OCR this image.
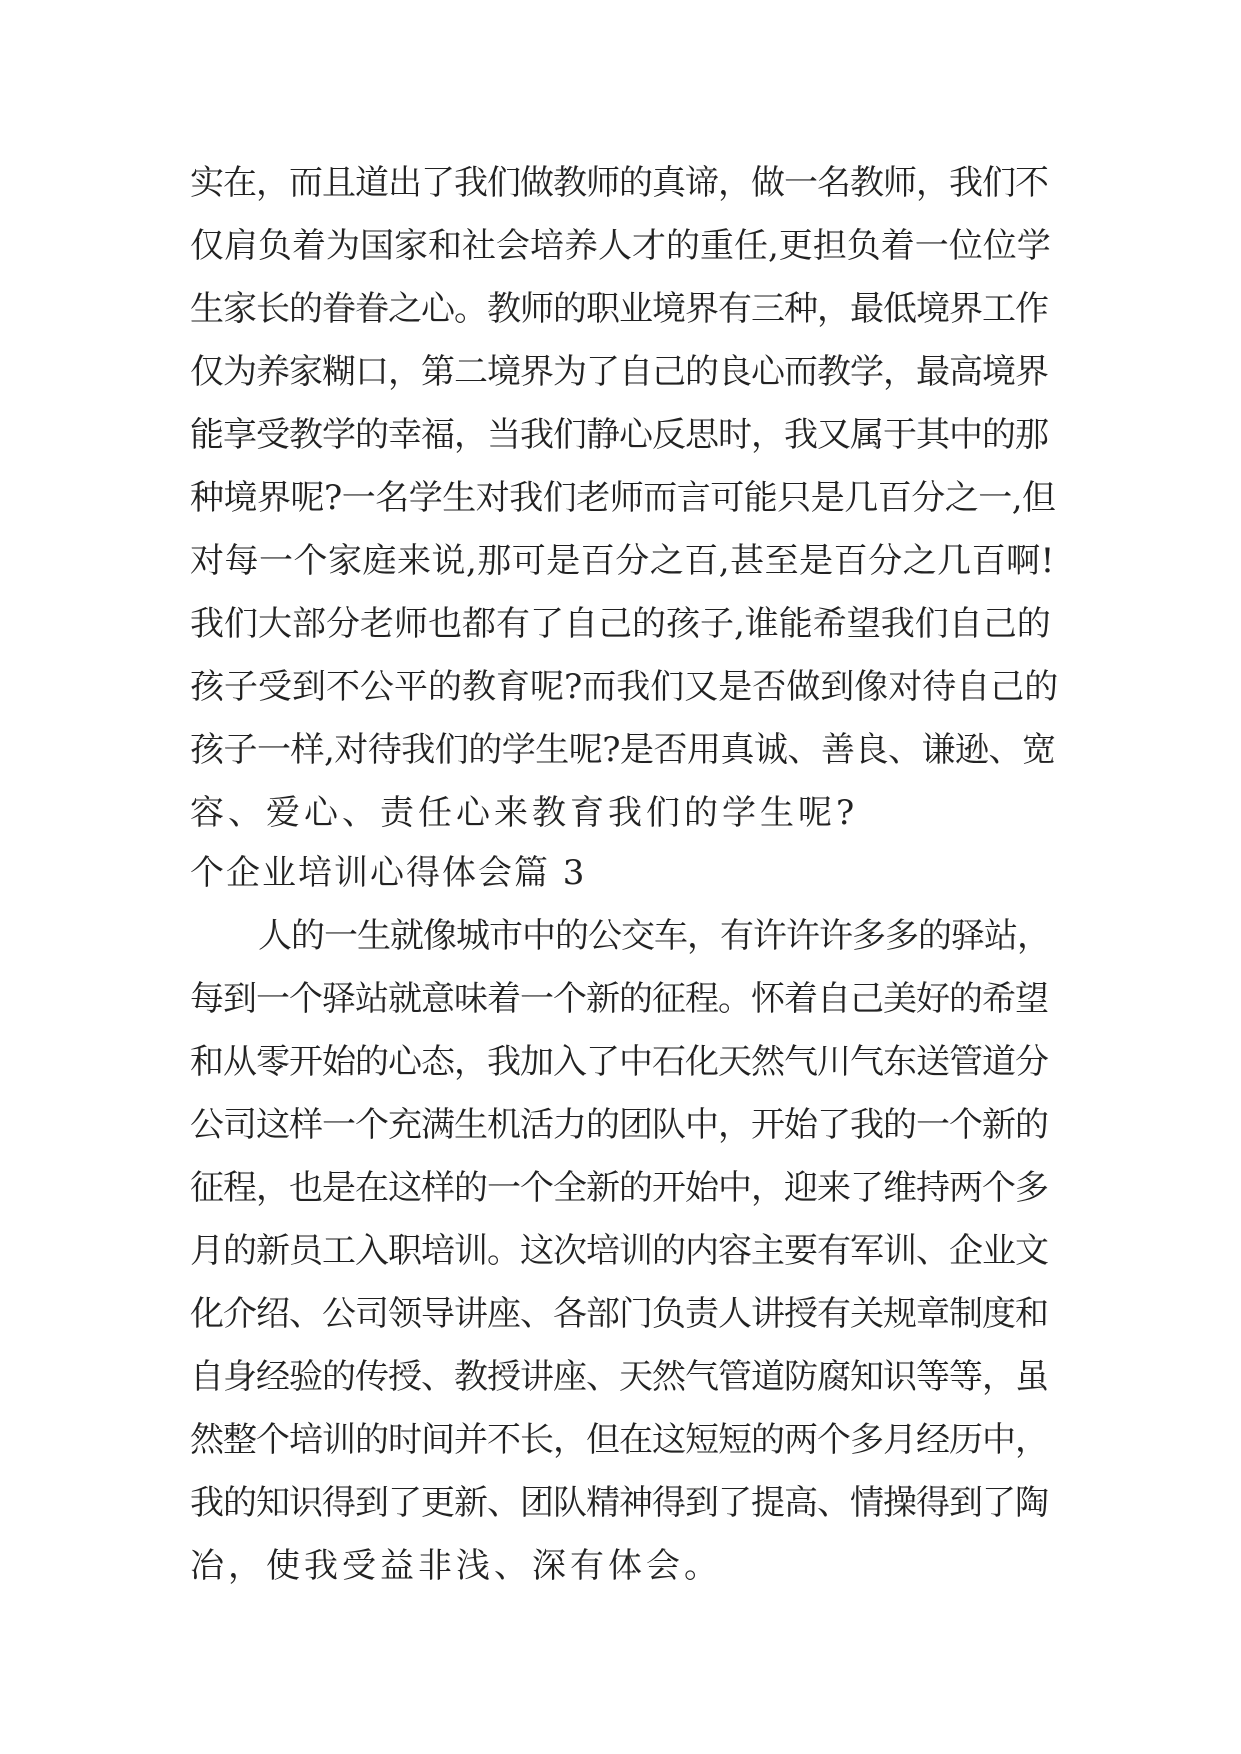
实在，而且道出了我们做教师的真谛，做一名教师，我们不
仅肩负着为国家和社会培养人才的重任,更担负着一位位学
生家长的眷眷之心。教师的职业境界有三种，最低境界工作
仅为养家糊口，第二境界为了自己的良心而教学，最高境界
能享受教学的幸福，当我们静心反思时，我又属于其中的那
种境界呢?一名学生对我们老师而言可能只是几百分之一,但
对每一个家庭来说,那可是百分之百,甚至是百分之几百啊!
我们大部分老师也都有了自己的孩子,谁能希望我们自己的
孩子受到不公平的教育呢?而我们又是否做到像对待自己的
孩子一样,对待我们的学生呢?是否用真诚、善良、谦逊、宽
容、爱心、责任心来教育我们的学生呢?
个企业培训心得体会篇 3
人的一生就像城市中的公交车，有许许许多多的驿站，
每到一个驿站就意味着一个新的征程。怀着自己美好的希望
和从零开始的心态，我加入了中石化天然气川气东送管道分
公司这样一个充满生机活力的团队中，开始了我的一个新的
征程，也是在这样的一个全新的开始中，迎来了维持两个多
月的新员工入职培训。这次培训的内容主要有军训、企业文
化介绍、公司领导讲座、各部门负责人讲授有关规章制度和
自身经验的传授、教授讲座、天然气管道防腐知识等等，虽
然整个培训的时间并不长，但在这短短的两个多月经历中，
我的知识得到了更新、团队精神得到了提高、情操得到了陶
冶，使我受益非浅、深有体会。
